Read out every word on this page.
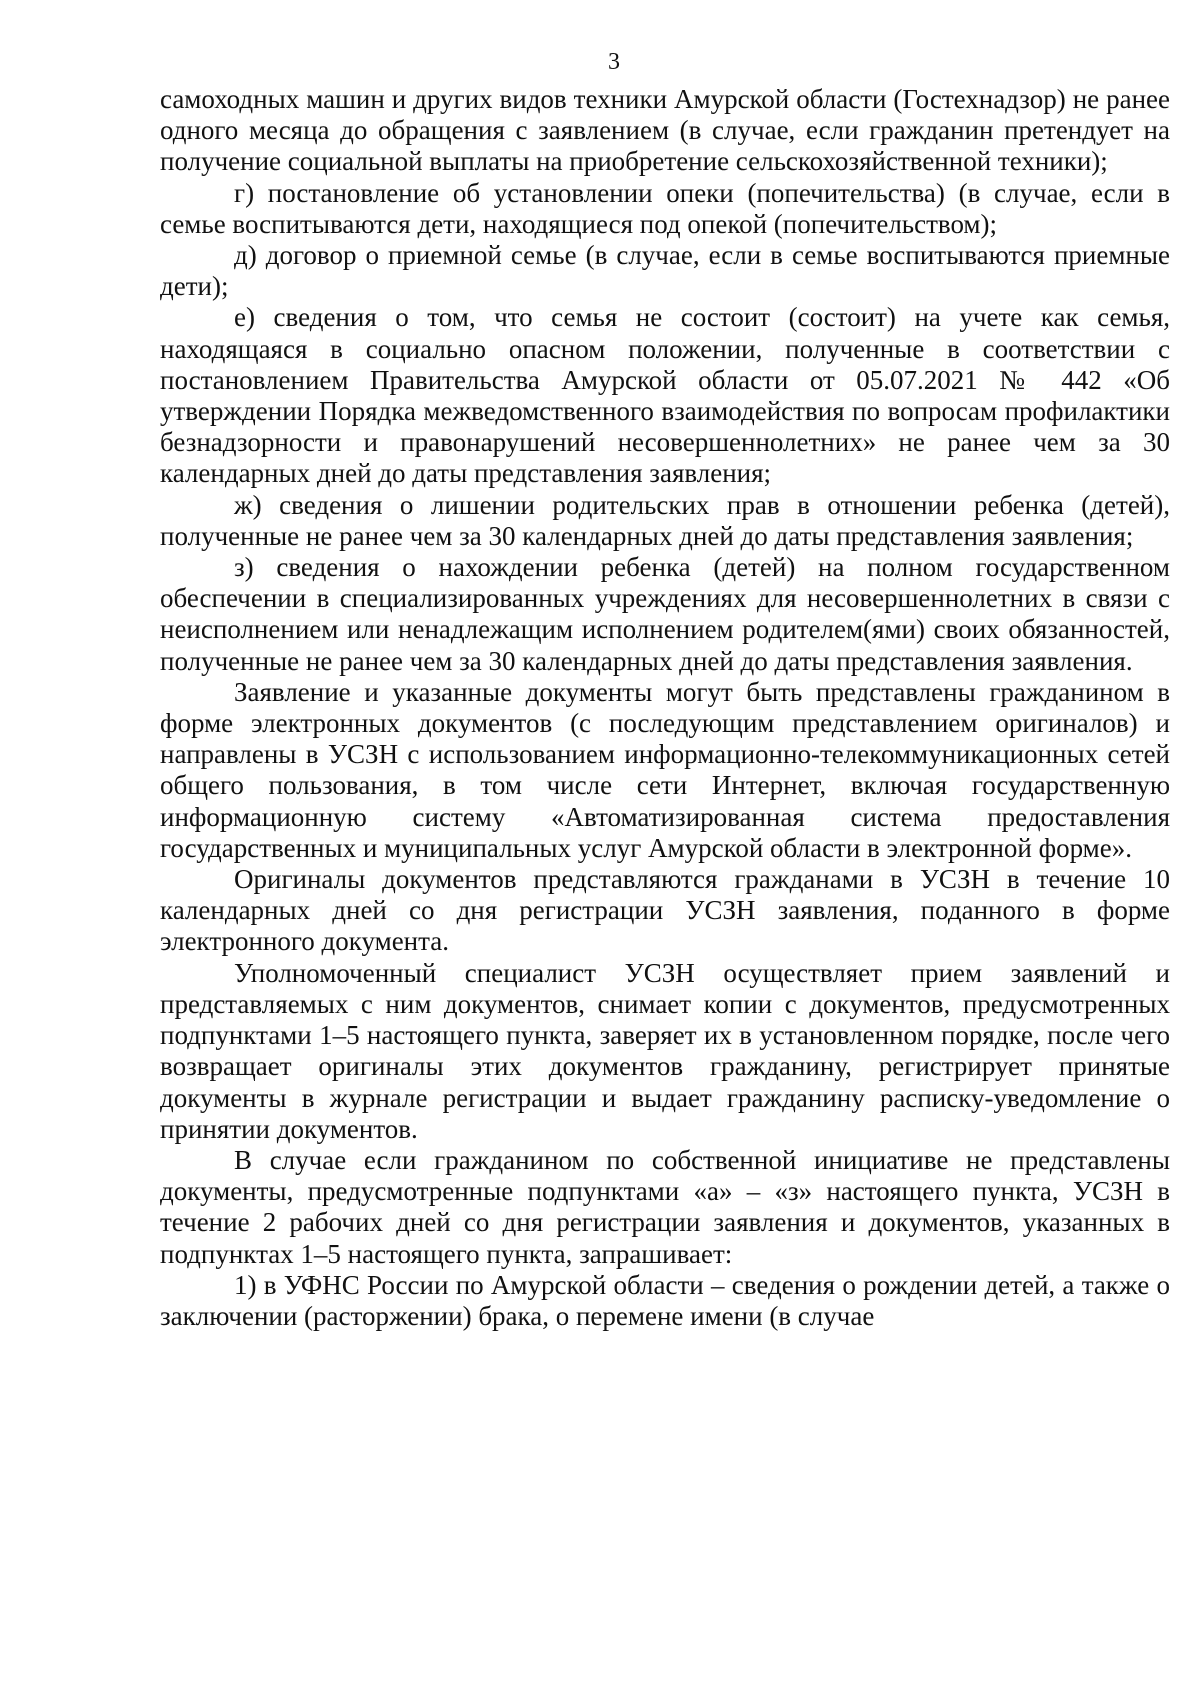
3

самоходных машин и других видов техники Амурской области (Гостехнадзор) не ранее одного месяца до обращения с заявлением (в случае, если гражданин претендует на получение социальной выплаты на приобретение сельскохозяйственной техники);

г) постановление об установлении опеки (попечительства) (в случае, если в семье воспитываются дети, находящиеся под опекой (попечительством);

д) договор о приемной семье (в случае, если в семье воспитываются приемные дети);

е) сведения о том, что семья не состоит (состоит) на учете как семья, находящаяся в социально опасном положении, полученные в соответствии с постановлением Правительства Амурской области от 05.07.2021 № 442 «Об утверждении Порядка межведомственного взаимодействия по вопросам профилактики безнадзорности и правонарушений несовершеннолетних» не ранее чем за 30 календарных дней до даты представления заявления;

ж) сведения о лишении родительских прав в отношении ребенка (детей), полученные не ранее чем за 30 календарных дней до даты представления заявления;

з) сведения о нахождении ребенка (детей) на полном государственном обеспечении в специализированных учреждениях для несовершеннолетних в связи с неисполнением или ненадлежащим исполнением родителем(ями) своих обязанностей, полученные не ранее чем за 30 календарных дней до даты представления заявления.

Заявление и указанные документы могут быть представлены гражданином в форме электронных документов (с последующим представлением оригиналов) и направлены в УСЗН с использованием информационно-телекоммуникационных сетей общего пользования, в том числе сети Интернет, включая государственную информационную систему «Автоматизированная система предоставления государственных и муниципальных услуг Амурской области в электронной форме».

Оригиналы документов представляются гражданами в УСЗН в течение 10 календарных дней со дня регистрации УСЗН заявления, поданного в форме электронного документа.

Уполномоченный специалист УСЗН осуществляет прием заявлений и представляемых с ним документов, снимает копии с документов, предусмотренных подпунктами 1–5 настоящего пункта, заверяет их в установленном порядке, после чего возвращает оригиналы этих документов гражданину, регистрирует принятые документы в журнале регистрации и выдает гражданину расписку-уведомление о принятии документов.

В случае если гражданином по собственной инициативе не представлены документы, предусмотренные подпунктами «а» – «з» настоящего пункта, УСЗН в течение 2 рабочих дней со дня регистрации заявления и документов, указанных в подпунктах 1–5 настоящего пункта, запрашивает:

1) в УФНС России по Амурской области – сведения о рождении детей, а также о заключении (расторжении) брака, о перемене имени (в случае
